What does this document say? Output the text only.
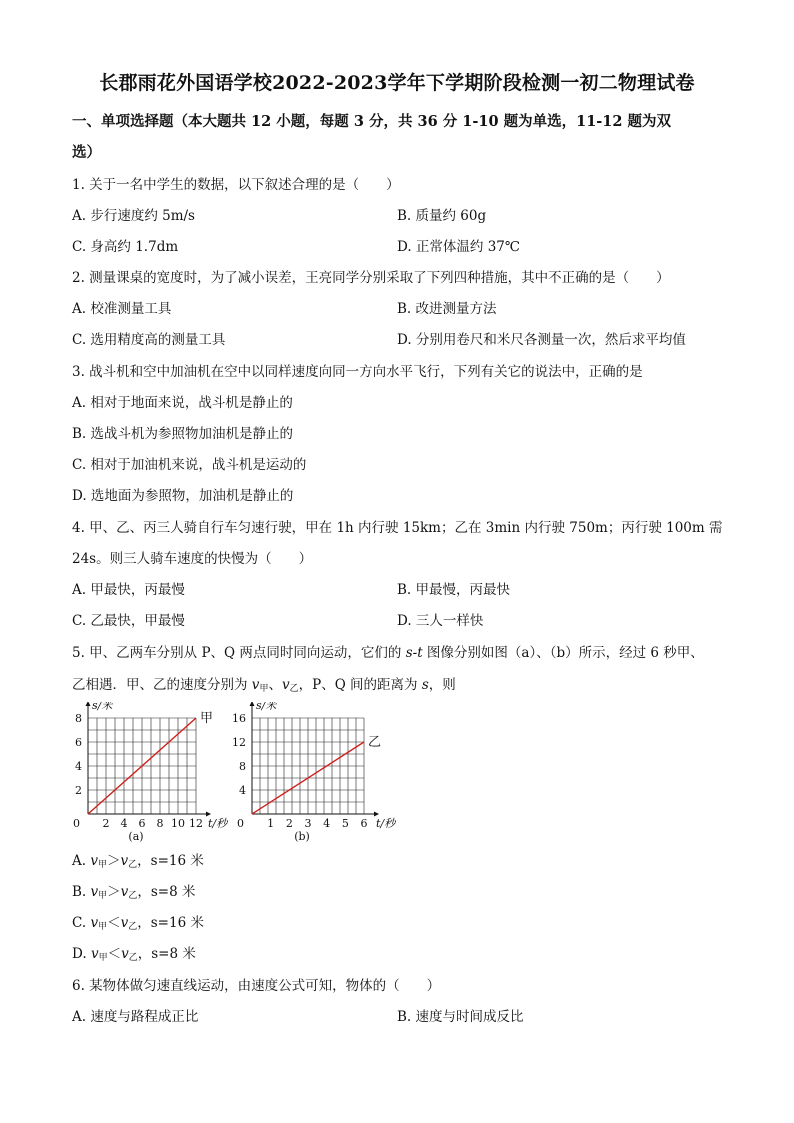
长郡雨花外国语学校2022-2023学年下学期阶段检测一初二物理试卷
一、单项选择题（本大题共 12 小题，每题 3 分，共 36 分 1-10 题为单选，11-12 题为双
选）
1. 关于一名中学生的数据，以下叙述合理的是（　　）
A. 步行速度约 5m/s	B. 质量约 60g
C. 身高约 1.7dm	D. 正常体温约 37℃
2. 测量课桌的宽度时，为了减小误差，王亮同学分别采取了下列四种措施，其中不正确的是（　　）
A. 校准测量工具	B. 改进测量方法
C. 选用精度高的测量工具	D. 分别用卷尺和米尺各测量一次，然后求平均值
3. 战斗机和空中加油机在空中以同样速度向同一方向水平飞行，下列有关它的说法中，正确的是
A. 相对于地面来说，战斗机是静止的
B. 选战斗机为参照物加油机是静止的
C. 相对于加油机来说，战斗机是运动的
D. 选地面为参照物，加油机是静止的
4. 甲、乙、丙三人骑自行车匀速行驶，甲在 1h 内行驶 15km；乙在 3min 内行驶 750m；丙行驶 100m 需
24s。则三人骑车速度的快慢为（　　）
A. 甲最快，丙最慢	B. 甲最慢，丙最快
C. 乙最快，甲最慢	D. 三人一样快
5. 甲、乙两车分别从 P、Q 两点同时同向运动，它们的 s-t 图像分别如图（a）、（b）所示，经过 6 秒甲、
乙相遇．甲、乙的速度分别为 $v_甲$、$v_乙$，P、Q 间的距离为 s，则
2 4 6 8 10 12
2
4
6
8
0
s/米
t/秒
(a)
甲
1 2 3 4 5 6
4
8
12
16
0
s/米
t/秒
(b)
乙
A. $v_甲>v_乙$，s=16 米
B. $v_甲>v_乙$，s=8 米
C. $v_甲<v_乙$，s=16 米
D. $v_甲<v_乙$，s=8 米
6. 某物体做匀速直线运动，由速度公式可知，物体的（　　）
A. 速度与路程成正比	B. 速度与时间成反比
